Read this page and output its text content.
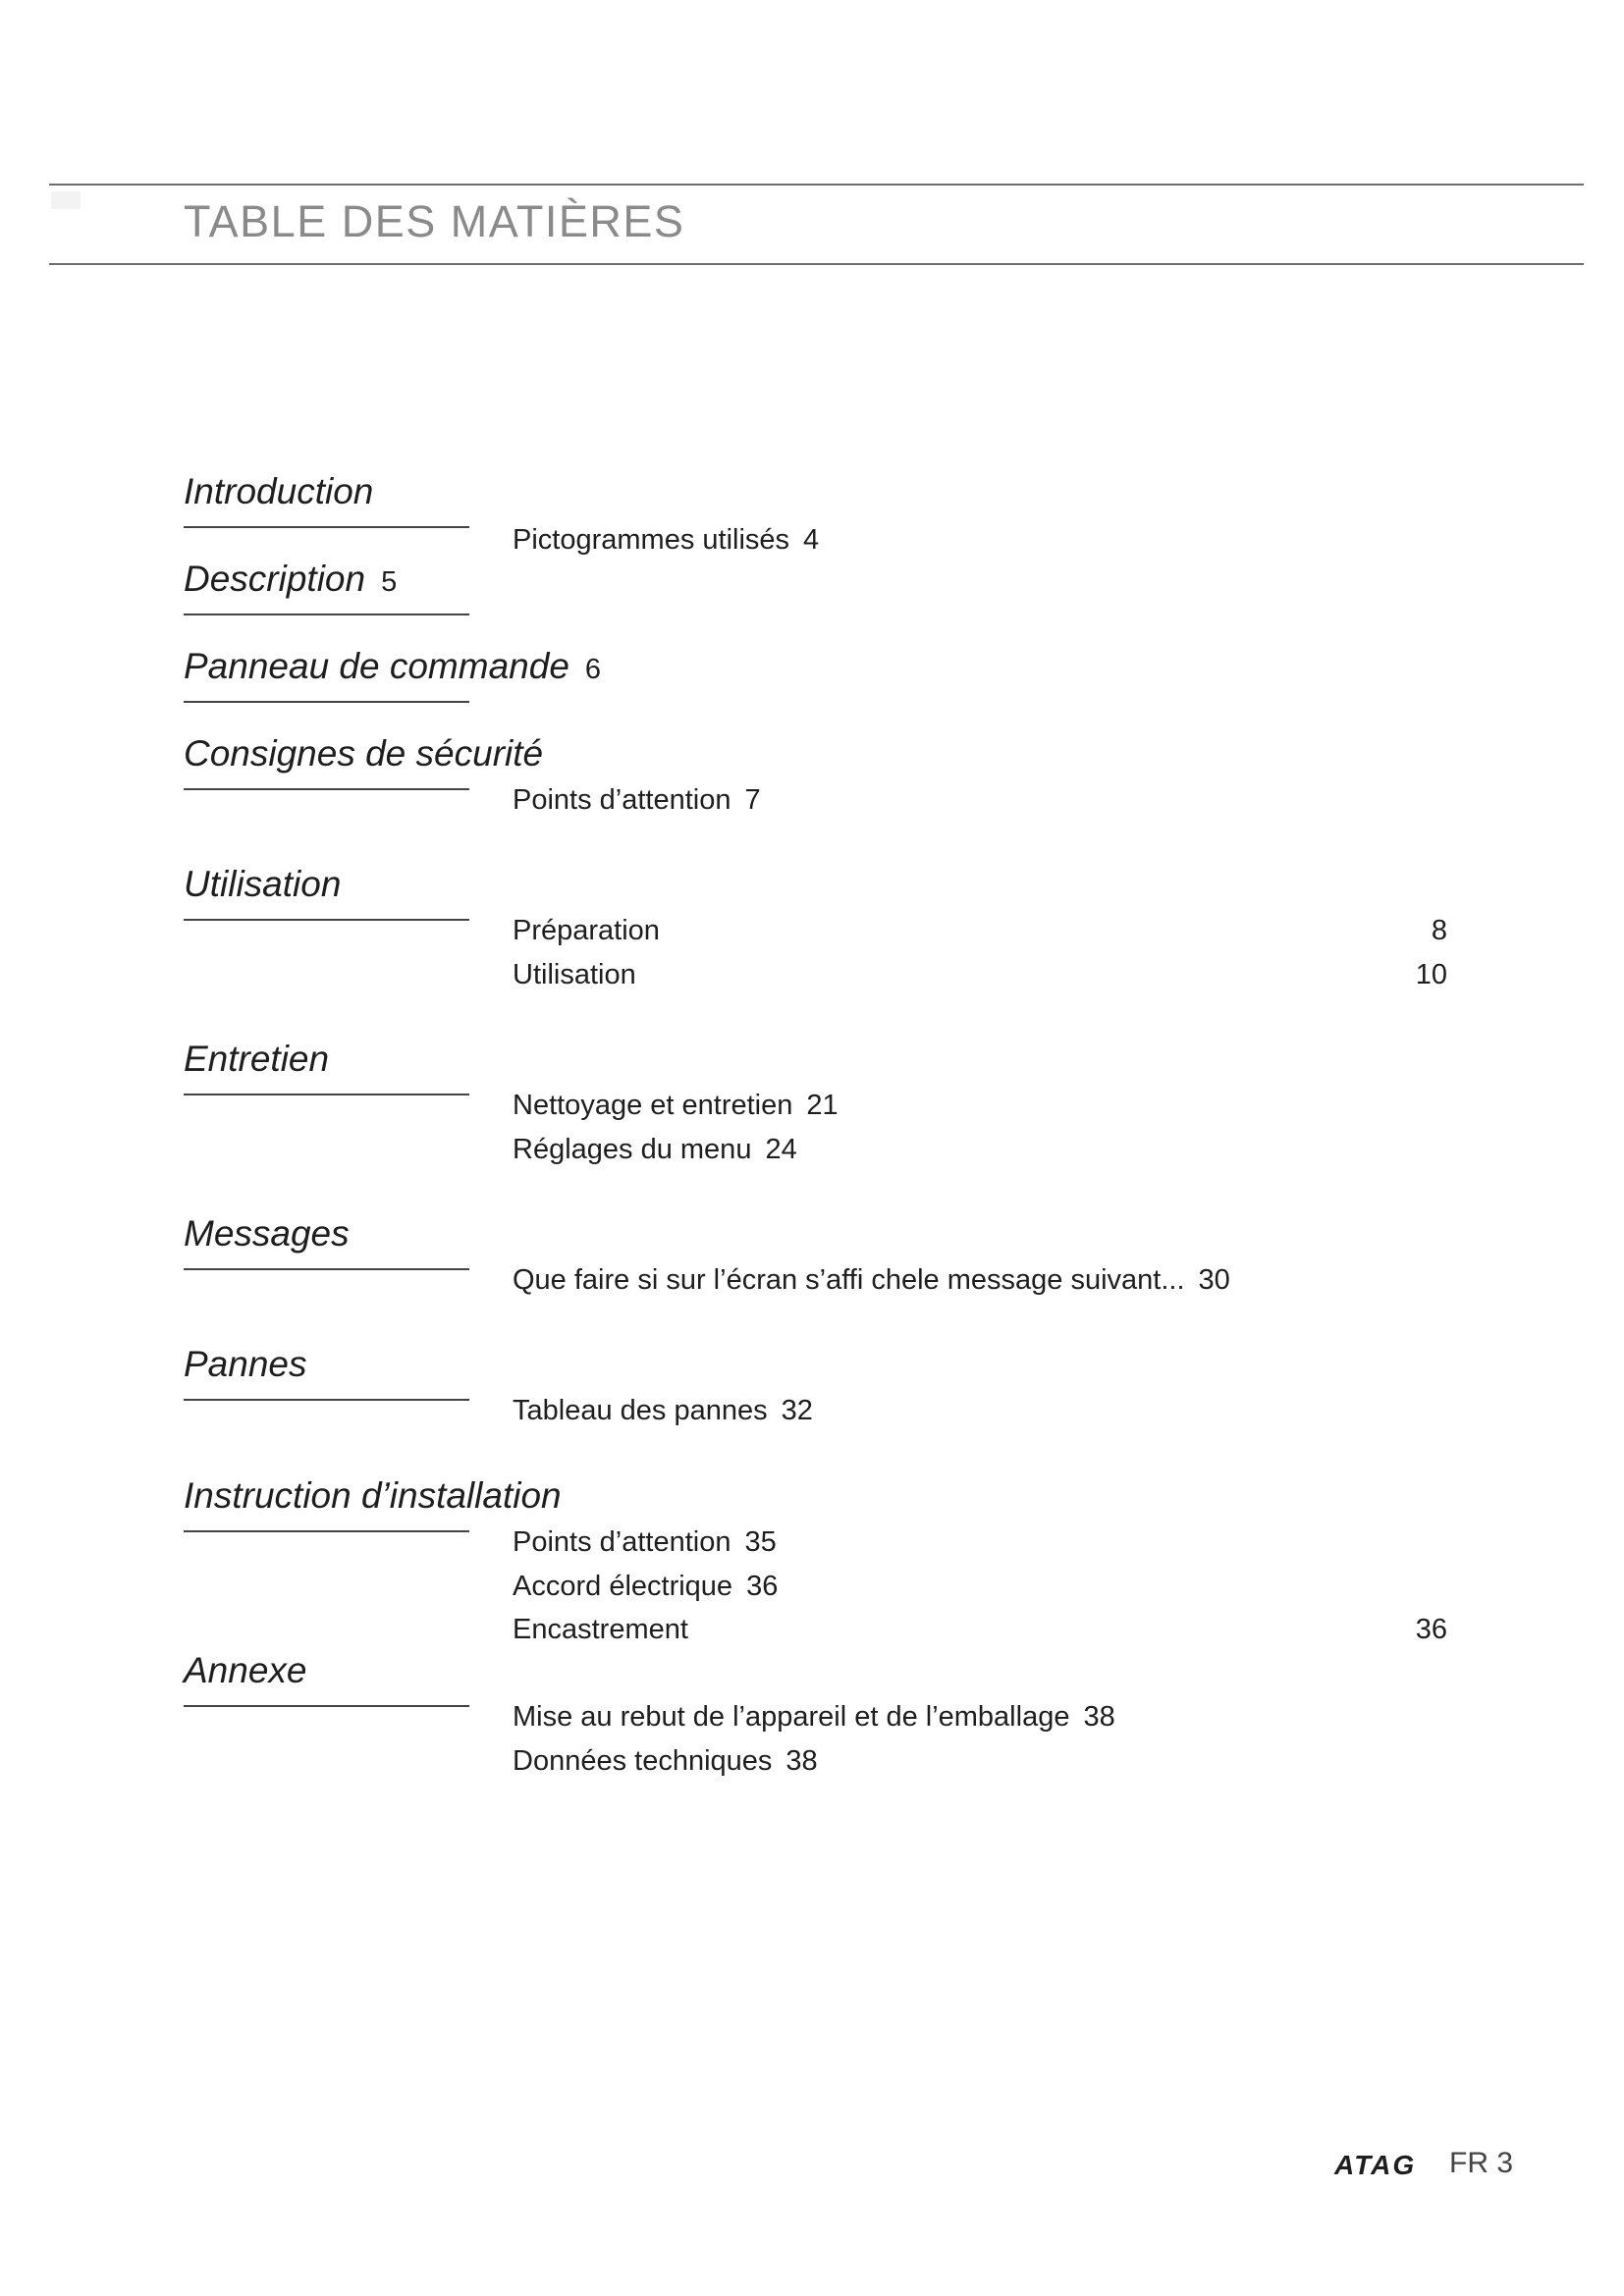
TABLE DES MATIÈRES
Introduction
Pictogrammes utilisés 4
Description 5
Panneau de commande 6
Consignes de sécurité
Points d’attention 7
Utilisation
Préparation	8
Utilisation	10
Entretien
Nettoyage et entretien 21
Réglages du menu 24
Messages
Que faire si sur l’écran s’affi chele message suivant... 30
Pannes
Tableau des pannes 32
Instruction d’installation
Points d’attention 35
Accord électrique 36
Encastrement	36
Annexe
Mise au rebut de l’appareil et de l’emballage 38
Données techniques 38
ATAG FR 3
